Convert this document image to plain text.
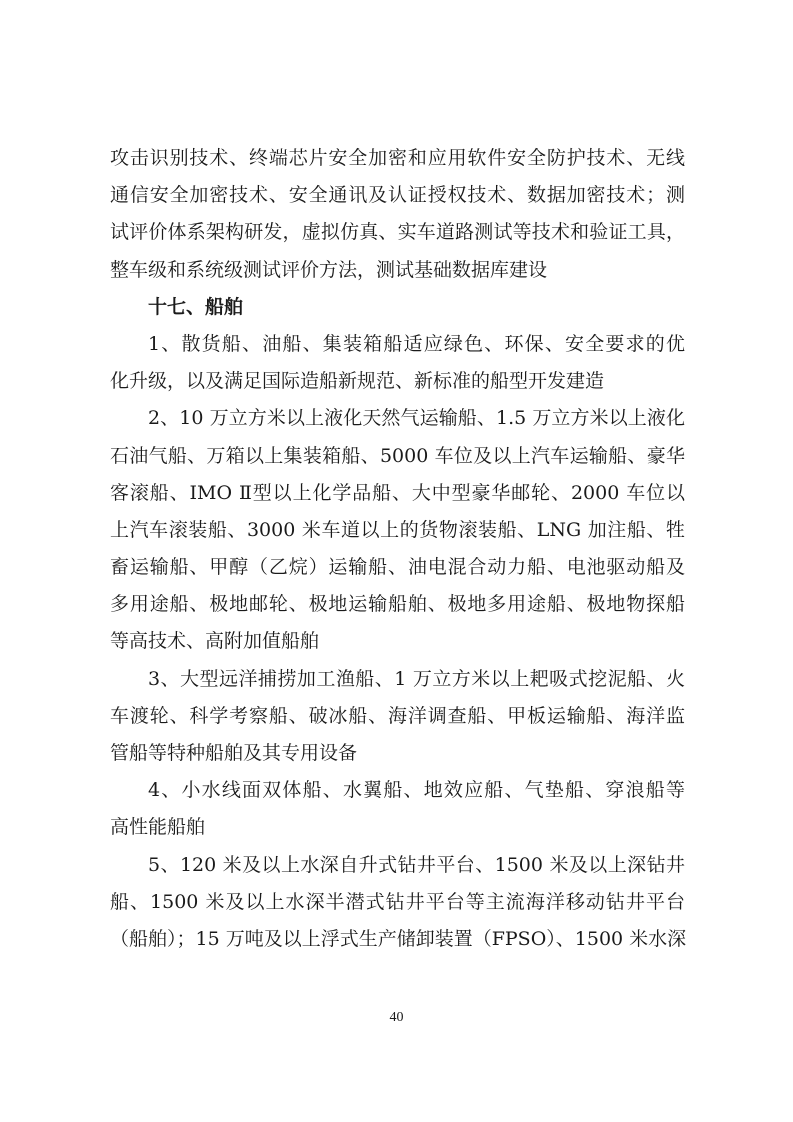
攻击识别技术、终端芯片安全加密和应用软件安全防护技术、无线
通信安全加密技术、安全通讯及认证授权技术、数据加密技术；测
试评价体系架构研发，虚拟仿真、实车道路测试等技术和验证工具，
整车级和系统级测试评价方法，测试基础数据库建设
十七、船舶
1、散货船、油船、集装箱船适应绿色、环保、安全要求的优
化升级，以及满足国际造船新规范、新标准的船型开发建造
2、10 万立方米以上液化天然气运输船、1.5 万立方米以上液化
石油气船、万箱以上集装箱船、5000 车位及以上汽车运输船、豪华
客滚船、IMO Ⅱ型以上化学品船、大中型豪华邮轮、2000 车位以
上汽车滚装船、3000 米车道以上的货物滚装船、LNG 加注船、牲
畜运输船、甲醇（乙烷）运输船、油电混合动力船、电池驱动船及
多用途船、极地邮轮、极地运输船舶、极地多用途船、极地物探船
等高技术、高附加值船舶
3、大型远洋捕捞加工渔船、1 万立方米以上耙吸式挖泥船、火
车渡轮、科学考察船、破冰船、海洋调查船、甲板运输船、海洋监
管船等特种船舶及其专用设备
4、小水线面双体船、水翼船、地效应船、气垫船、穿浪船等
高性能船舶
5、120 米及以上水深自升式钻井平台、1500 米及以上深钻井
船、1500 米及以上水深半潜式钻井平台等主流海洋移动钻井平台
（船舶）；15 万吨及以上浮式生产储卸装置（FPSO）、1500 米水深
40
